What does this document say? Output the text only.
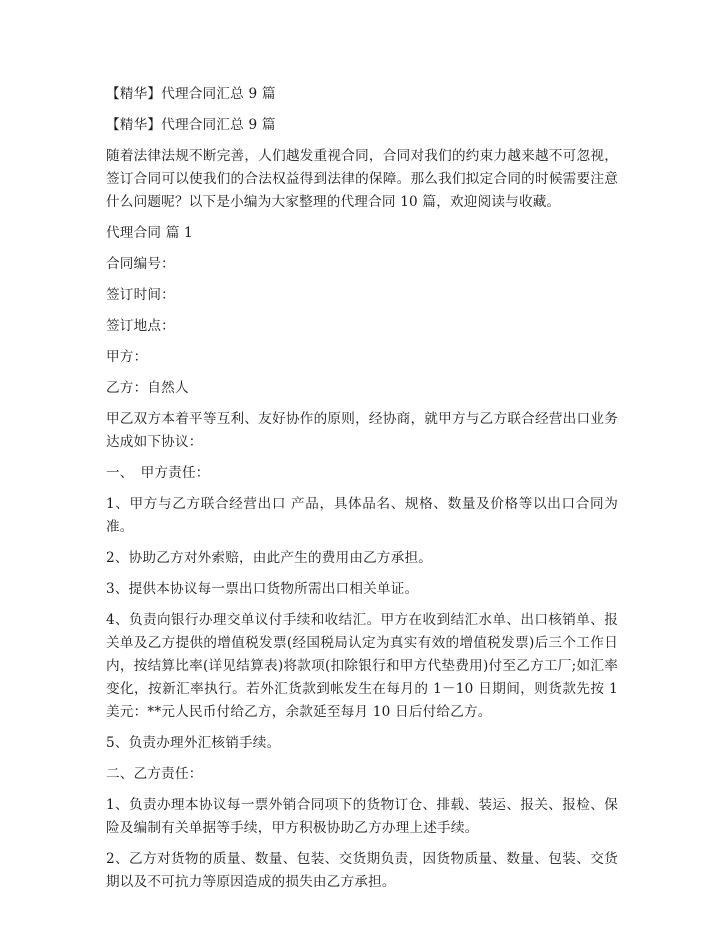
【精华】代理合同汇总 9 篇

【精华】代理合同汇总 9 篇

随着法律法规不断完善，人们越发重视合同，合同对我们的约束力越来越不可忽视，签订合同可以使我们的合法权益得到法律的保障。那么我们拟定合同的时候需要注意什么问题呢？以下是小编为大家整理的代理合同 10 篇，欢迎阅读与收藏。

代理合同 篇 1

合同编号：

签订时间：

签订地点：

甲方：

乙方：自然人

甲乙双方本着平等互利、友好协作的原则，经协商，就甲方与乙方联合经营出口业务达成如下协议：

一、　甲方责任：

1、甲方与乙方联合经营出口 产品，具体品名、规格、数量及价格等以出口合同为准。

2、协助乙方对外索赔，由此产生的费用由乙方承担。

3、提供本协议每一票出口货物所需出口相关单证。

4、负责向银行办理交单议付手续和收结汇。甲方在收到结汇水单、出口核销单、报关单及乙方提供的增值税发票(经国税局认定为真实有效的增值税发票)后三个工作日内，按结算比率(详见结算表)将款项(扣除银行和甲方代垫费用)付至乙方工厂;如汇率变化，按新汇率执行。若外汇货款到帐发生在每月的 1－10 日期间，则货款先按 1 美元：**元人民币付给乙方，余款延至每月 10 日后付给乙方。

5、负责办理外汇核销手续。

二、乙方责任：

1、负责办理本协议每一票外销合同项下的货物订仓、排载、装运、报关、报检、保险及编制有关单据等手续，甲方积极协助乙方办理上述手续。

2、乙方对货物的质量、数量、包装、交货期负责，因货物质量、数量、包装、交货期以及不可抗力等原因造成的损失由乙方承担。
